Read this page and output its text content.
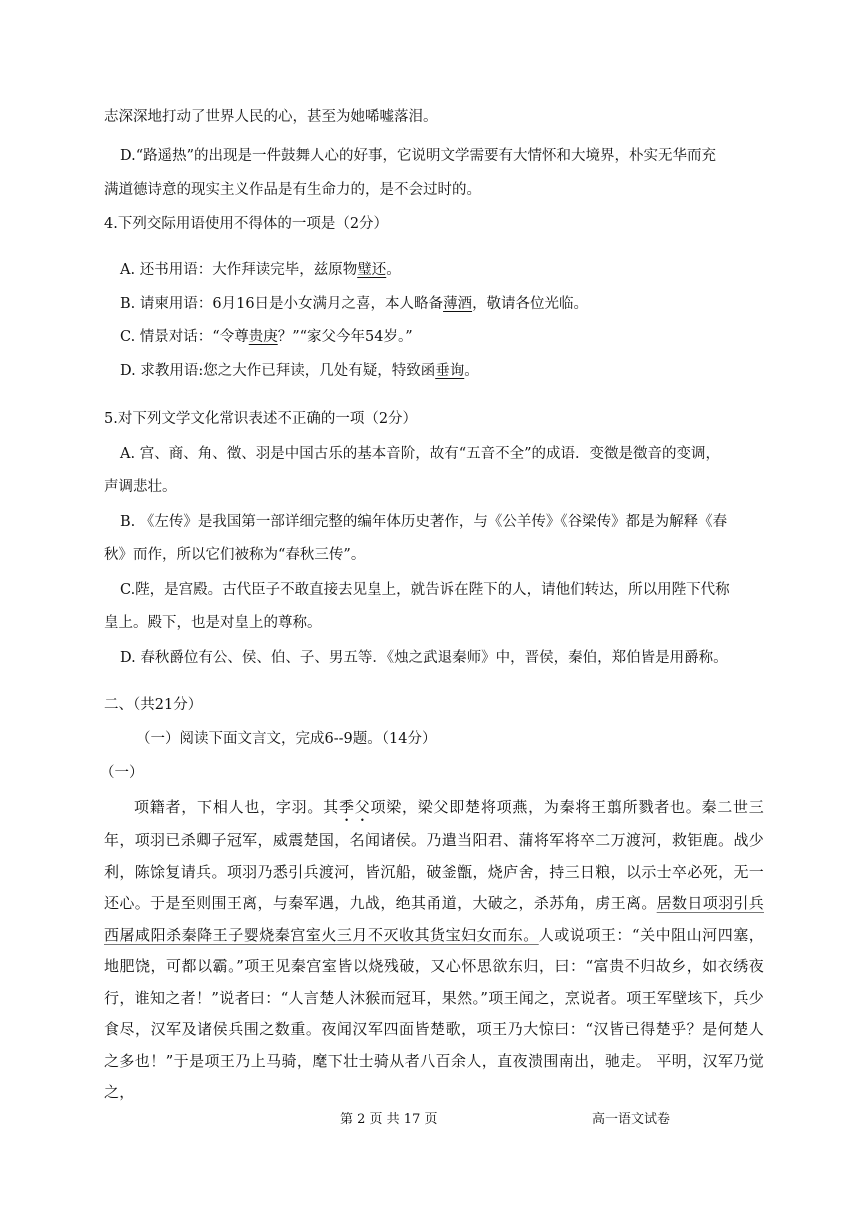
志深深地打动了世界人民的心，甚至为她唏嘘落泪。
D.“路遥热”的出现是一件鼓舞人心的好事，它说明文学需要有大情怀和大境界，朴实无华而充
满道德诗意的现实主义作品是有生命力的，是不会过时的。
4.下列交际用语使用不得体的一项是（2分）
A. 还书用语：大作拜读完毕，兹原物璧还。
B. 请柬用语：6月16日是小女满月之喜，本人略备薄酒，敬请各位光临。
C. 情景对话：“令尊贵庚？”“家父今年54岁。”
D. 求教用语:您之大作已拜读，几处有疑，特致函垂询。
5.对下列文学文化常识表述不正确的一项（2分）
A. 宫、商、角、徵、羽是中国古乐的基本音阶，故有“五音不全”的成语．变徵是徵音的变调，
声调悲壮。
B. 《左传》是我国第一部详细完整的编年体历史著作，与《公羊传》《谷梁传》都是为解释《春
秋》而作，所以它们被称为“春秋三传”。
C.陛，是宫殿。古代臣子不敢直接去见皇上，就告诉在陛下的人，请他们转达，所以用陛下代称
皇上。殿下，也是对皇上的尊称。
D. 春秋爵位有公、侯、伯、子、男五等．《烛之武退秦师》中，晋侯，秦伯，郑伯皆是用爵称。
二、（共21分）
（一）阅读下面文言文，完成6--9题。（14分）
（一）
项籍者，下相人也，字羽。其季父项梁，梁父即楚将项燕，为秦将王翦所戮者也。秦二世三年，项羽已杀卿子冠军，威震楚国，名闻诸侯。乃遣当阳君、蒲将军将卒二万渡河，救钜鹿。战少利，陈馀复请兵。项羽乃悉引兵渡河，皆沉船，破釜甑，烧庐舍，持三日粮，以示士卒必死，无一还心。于是至则围王离，与秦军遇，九战，绝其甬道，大破之，杀苏角，虏王离。居数日项羽引兵西屠咸阳杀秦降王子婴烧秦宫室火三月不灭收其货宝妇女而东。人或说项王：“关中阻山河四塞，地肥饶，可都以霸。”项王见秦宫室皆以烧残破，又心怀思欲东归，曰：“富贵不归故乡，如衣绣夜行，谁知之者！”说者曰：“人言楚人沐猴而冠耳，果然。”项王闻之，烹说者。项王军壁垓下，兵少食尽，汉军及诸侯兵围之数重。夜闻汉军四面皆楚歌，项王乃大惊曰：“汉皆已得楚乎？是何楚人之多也！”于是项王乃上马骑，麾下壮士骑从者八百余人，直夜溃围南出，驰走。 平明，汉军乃觉之，
第 2 页 共 17 页	高一语文试卷
